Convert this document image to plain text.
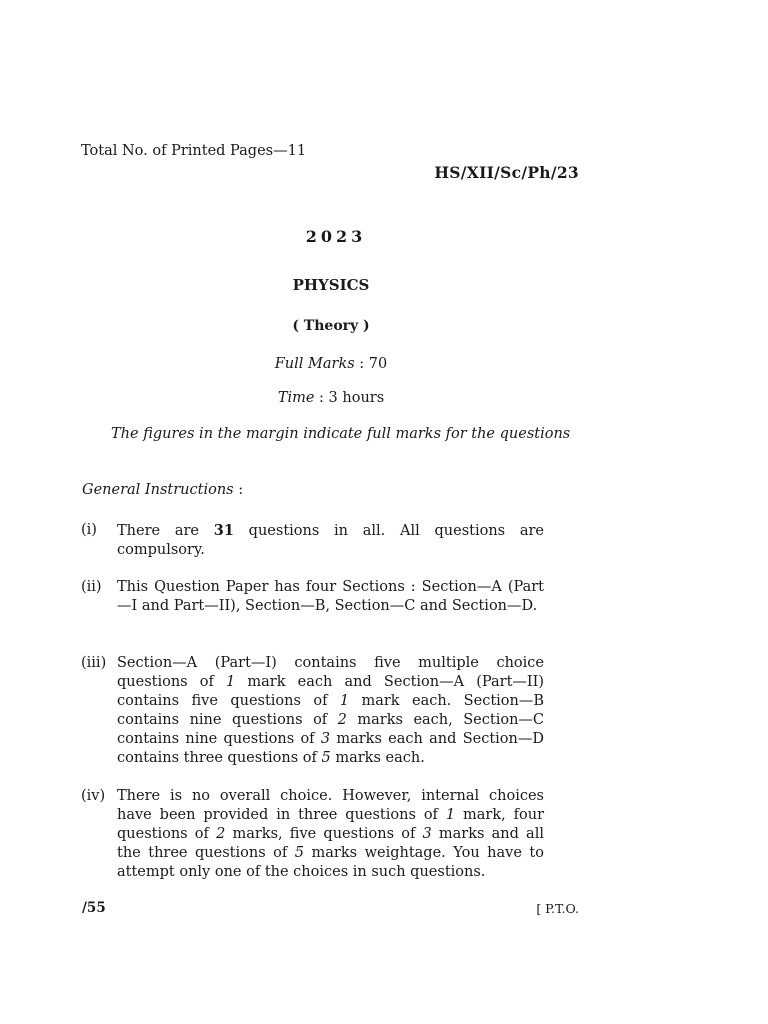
Total No. of Printed Pages—11
HS/XII/Sc/Ph/23
2023
PHYSICS
( Theory )
Full Marks : 70
Time : 3 hours
The figures in the margin indicate full marks for the questions
General Instructions :
(i) There are 31 questions in all. All questions are compulsory.
(ii) This Question Paper has four Sections : Section—A (Part—I and Part—II), Section—B, Section—C and Section—D.
(iii) Section—A (Part—I) contains five multiple choice questions of 1 mark each and Section—A (Part—II) contains five questions of 1 mark each. Section—B contains nine questions of 2 marks each, Section—C contains nine questions of 3 marks each and Section—D contains three questions of 5 marks each.
(iv) There is no overall choice. However, internal choices have been provided in three questions of 1 mark, four questions of 2 marks, five questions of 3 marks and all the three questions of 5 marks weightage. You have to attempt only one of the choices in such questions.
/55	[ P.T.O.
